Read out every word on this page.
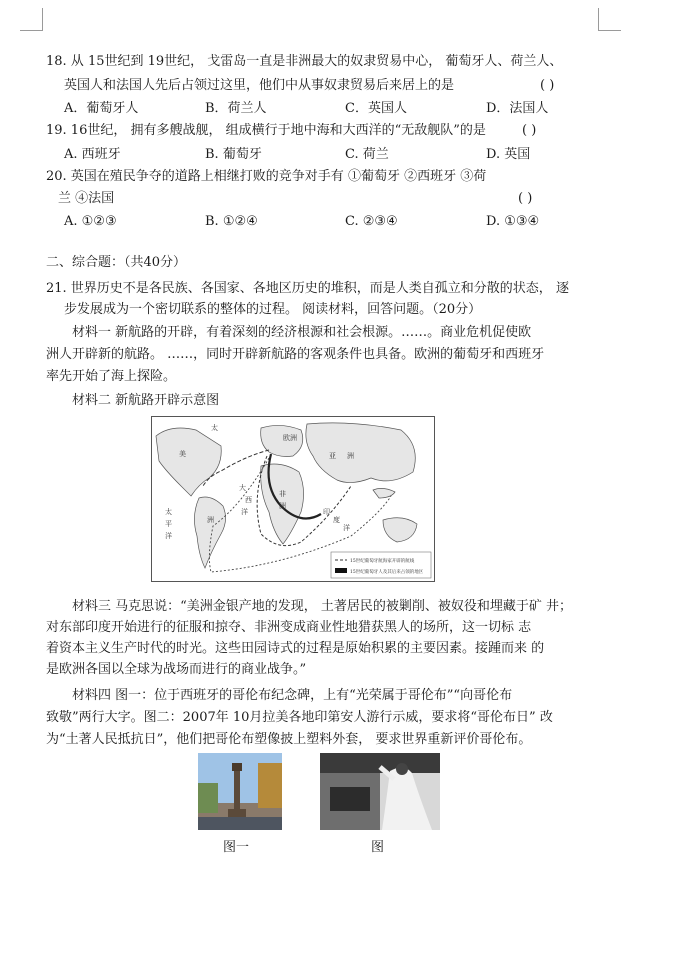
18. 从 15世纪到 19世纪， 戈雷岛一直是非洲最大的奴隶贸易中心， 葡萄牙人、荷兰人、
英国人和法国人先后占领过这里，他们中从事奴隶贸易后来居上的是	( )
A．葡萄牙人	B．荷兰人	C．英国人	D．法国人
19. 16世纪， 拥有多艘战舰， 组成横行于地中海和大西洋的“无敌舰队”的是	( )
A. 西班牙	B. 葡萄牙	C. 荷兰	D. 英国
20. 英国在殖民争夺的道路上相继打败的竞争对手有 ①葡萄牙 ②西班牙 ③荷
兰 ④法国	( )
A. ①②③	B. ①②④	C. ②③④	D. ①③④
二、综合题：（共40分）
21. 世界历史不是各民族、各国家、各地区历史的堆积，而是人类自孤立和分散的状态， 逐
步发展成为一个密切联系的整体的过程。 阅读材料，回答问题。（20分）
材料一 新航路的开辟，有着深刻的经济根源和社会根源。……。商业危机促使欧
洲人开辟新的航路。 ……，同时开辟新航路的客观条件也具备。欧洲的葡萄牙和西班牙
率先开始了海上探险。
材料二 新航路开辟示意图
太
欧洲
亚 洲
非
洲
美
洲
太
平
洋
大
西
洋	印
度
洋
15世纪葡萄牙航海家开辟的航线
15世纪葡萄牙人及其后来占领的地区
材料三 马克思说：“美洲金银产地的发现， 土著居民的被剿削、被奴役和埋藏于矿 井；
对东部印度开始进行的征服和掠夺、非洲变成商业性地猎获黑人的场所，这一切标 志
着资本主义生产时代的时光。这些田园诗式的过程是原始积累的主要因素。接踵而来 的
是欧洲各国以全球为战场而进行的商业战争。”
材料四 图一：位于西班牙的哥伦布纪念碑，上有“光荣属于哥伦布”“向哥伦布
致敬”两行大字。图二：2007年 10月拉美各地印第安人游行示威，要求将“哥伦布日” 改
为“土著人民抵抗日”，他们把哥伦布塑像披上塑料外套， 要求世界重新评价哥伦布。
图一	图
